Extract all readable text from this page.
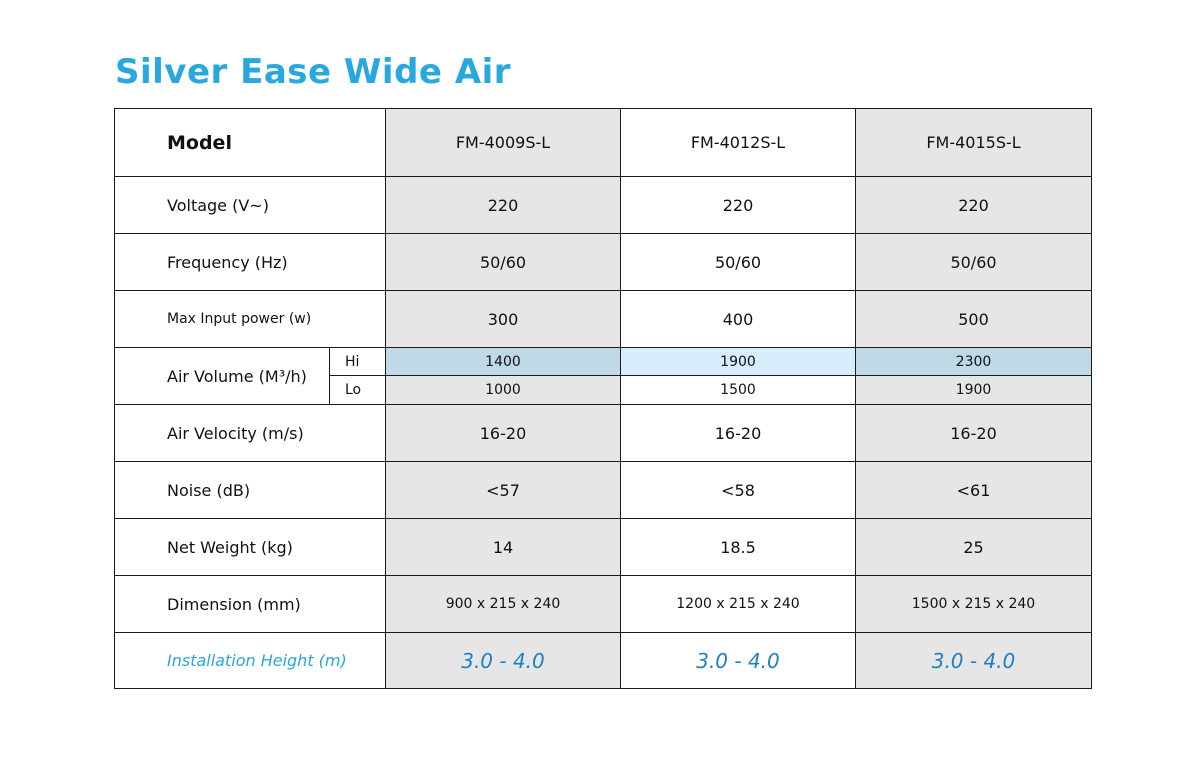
Silver Ease Wide Air
Model		FM-4009S-L	FM-4012S-L	FM-4015S-L
Voltage (V~)		220	220	220
Frequency (Hz)		50/60	50/60	50/60
Max Input power (w)		300	400	500
Air Volume (M³/h)	Hi	1400	1900	2300
	Lo	1000	1500	1900
Air Velocity (m/s)		16-20	16-20	16-20
Noise (dB)		<57	<58	<61
Net Weight (kg)		14	18.5	25
Dimension (mm)		900 x 215 x 240	1200 x 215 x 240	1500 x 215 x 240
Installation Height (m)		3.0 - 4.0	3.0 - 4.0	3.0 - 4.0
